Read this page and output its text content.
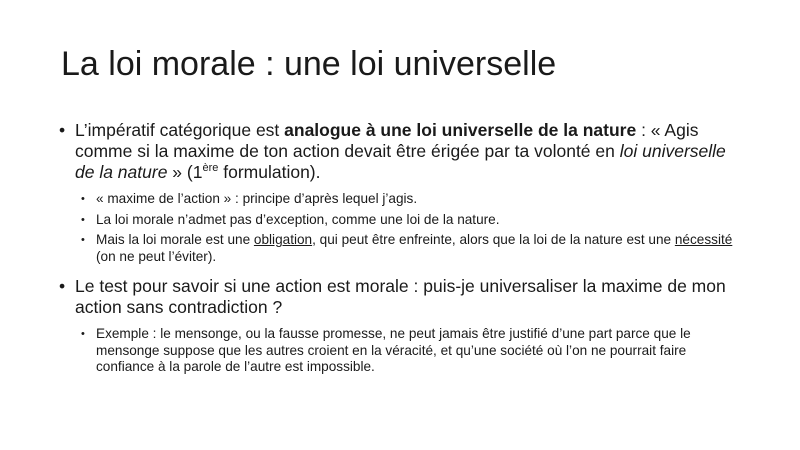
La loi morale : une loi universelle
• L’impératif catégorique est analogue à une loi universelle de la nature : « Agis comme si la maxime de ton action devait être érigée par ta volonté en loi universelle de la nature » (1ère formulation).
• « maxime de l’action » : principe d’après lequel j’agis.
• La loi morale n’admet pas d’exception, comme une loi de la nature.
• Mais la loi morale est une obligation, qui peut être enfreinte, alors que la loi de la nature est une nécessité (on ne peut l’éviter).
• Le test pour savoir si une action est morale : puis-je universaliser la maxime de mon action sans contradiction ?
• Exemple : le mensonge, ou la fausse promesse, ne peut jamais être justifié d’une part parce que le mensonge suppose que les autres croient en la véracité, et qu’une société où l’on ne pourrait faire confiance à la parole de l’autre est impossible.
